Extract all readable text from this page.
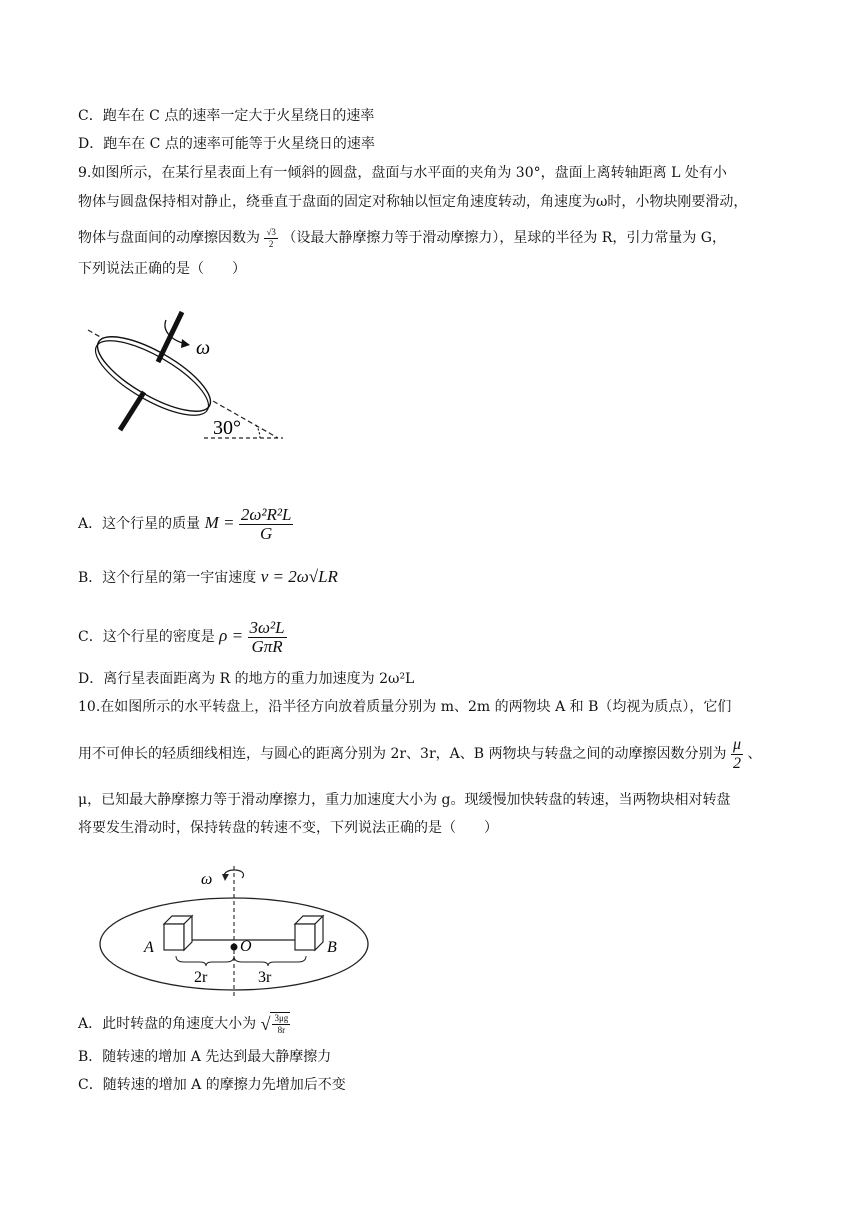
C．跑车在 C 点的速率一定大于火星绕日的速率
D．跑车在 C 点的速率可能等于火星绕日的速率
9.如图所示，在某行星表面上有一倾斜的圆盘，盘面与水平面的夹角为 30°，盘面上离转轴距离 L 处有小
物体与圆盘保持相对静止，绕垂直于盘面的固定对称轴以恒定角速度转动，角速度为ω时，小物块刚要滑动，
物体与盘面间的动摩擦因数为 $\frac{√3}{2}$ （设最大静摩擦力等于滑动摩擦力），星球的半径为 R，引力常量为 G，
下列说法正确的是（　　）
ω
30°
A．这个行星的质量 $M = \frac{\text{2ω²R²L}}{G}$
B．这个行星的第一宇宙速度 v = 2ω√LR
C．这个行星的密度是 $\rho = \frac{\text{3ω²L}}{\text{GπR}}$
D．离行星表面距离为 R 的地方的重力加速度为 2ω²L
10.在如图所示的水平转盘上，沿半径方向放着质量分别为 m、2m 的两物块 A 和 B（均视为质点），它们
用不可伸长的轻质细线相连，与圆心的距离分别为 2r、3r，A、B 两物块与转盘之间的动摩擦因数分别为 $\frac{\mu}{2}$ 、
μ，已知最大静摩擦力等于滑动摩擦力，重力加速度大小为 g。现缓慢加快转盘的转速，当两物块相对转盘
将要发生滑动时，保持转盘的转速不变，下列说法正确的是（　　）
ω
A	O	B
2r	3r
A．此时转盘的角速度大小为 √ $\frac{3\mu g}{8r}$
B．随转速的增加 A 先达到最大静摩擦力
C．随转速的增加 A 的摩擦力先增加后不变
